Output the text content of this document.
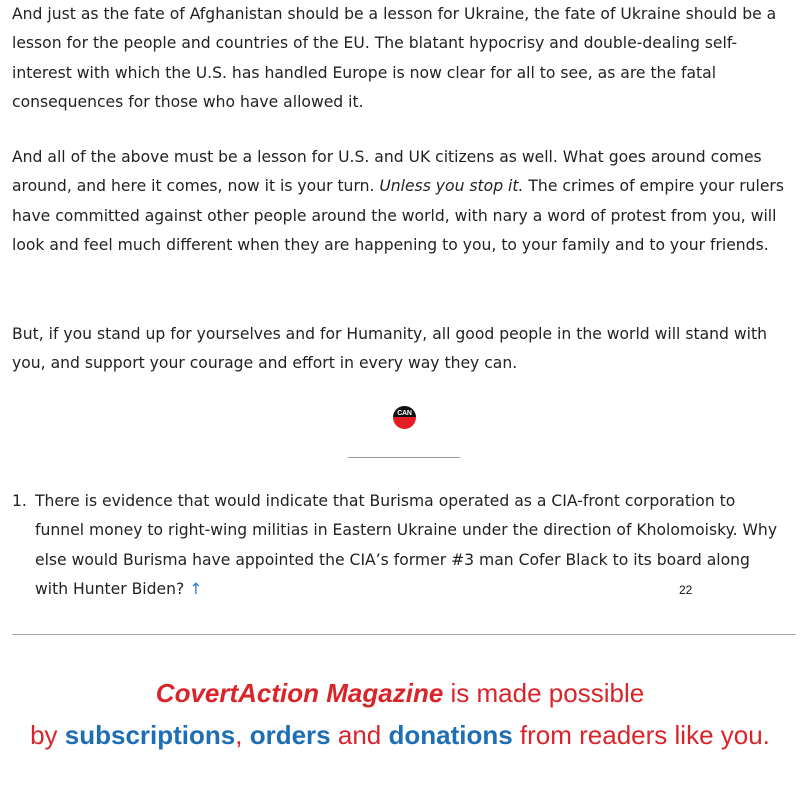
And just as the fate of Afghanistan should be a lesson for Ukraine, the fate of Ukraine should be a lesson for the people and countries of the EU. The blatant hypocrisy and double-dealing self- interest with which the U.S. has handled Europe is now clear for all to see, as are the fatal consequences for those who have allowed it.

And all of the above must be a lesson for U.S. and UK citizens as well. What goes around comes around, and here it comes, now it is your turn. Unless you stop it. The crimes of empire your rulers have committed against other people around the world, with nary a word of protest from you, will look and feel much different when they are happening to you, to your family and to your friends.

But, if you stand up for yourselves and for Humanity, all good people in the world will stand with you, and support your courage and effort in every way they can.

CAN
1. There is evidence that would indicate that Burisma operated as a CIA-front corporation to funnel money to right-wing militias in Eastern Ukraine under the direction of Kholomoisky. Why else would Burisma have appointed the CIA’s former #3 man Cofer Black to its board along with Hunter Biden? ↑	22
CovertAction Magazine is made possible
by subscriptions, orders and donations from readers like you.
